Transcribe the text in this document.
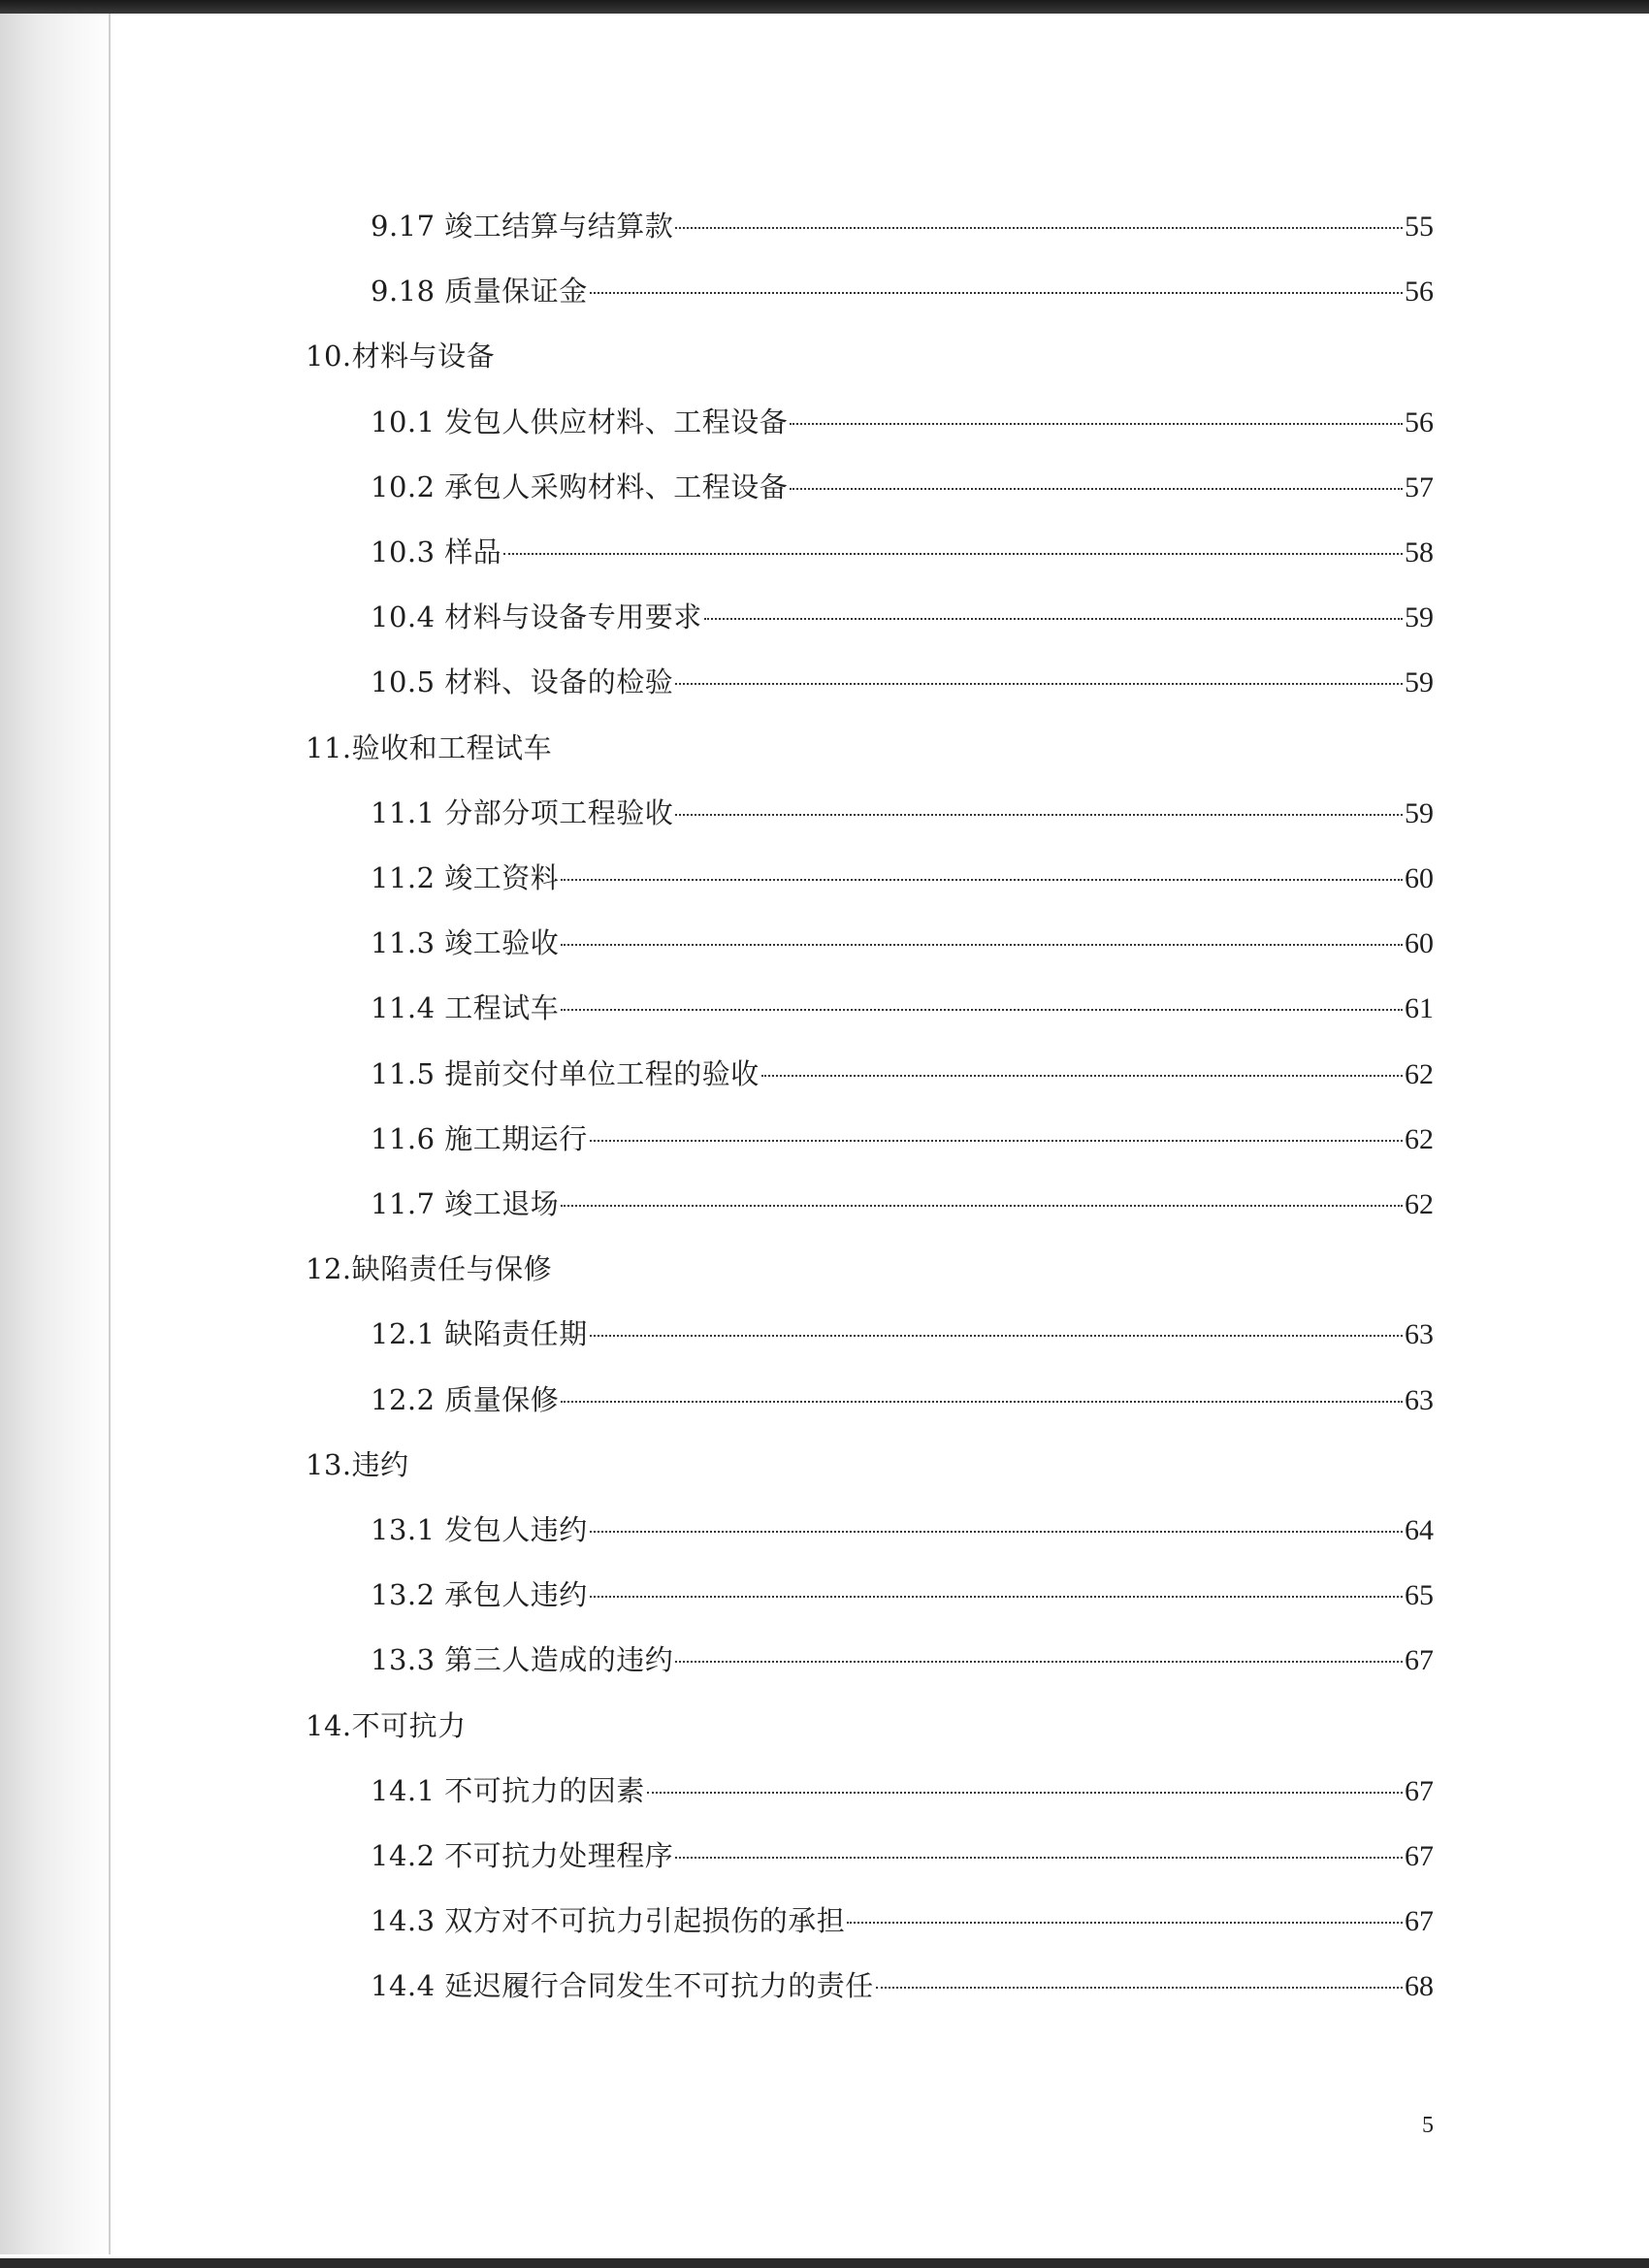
9.17 竣工结算与结算款	55
9.18 质量保证金	56
10.材料与设备
10.1 发包人供应材料、工程设备	56
10.2 承包人采购材料、工程设备	57
10.3 样品	58
10.4 材料与设备专用要求	59
10.5 材料、设备的检验	59
11.验收和工程试车
11.1 分部分项工程验收	59
11.2 竣工资料	60
11.3 竣工验收	60
11.4 工程试车	61
11.5 提前交付单位工程的验收	62
11.6 施工期运行	62
11.7 竣工退场	62
12.缺陷责任与保修
12.1 缺陷责任期	63
12.2 质量保修	63
13.违约
13.1 发包人违约	64
13.2 承包人违约	65
13.3 第三人造成的违约	67
14.不可抗力
14.1 不可抗力的因素	67
14.2 不可抗力处理程序	67
14.3 双方对不可抗力引起损伤的承担	67
14.4 延迟履行合同发生不可抗力的责任	68
5
